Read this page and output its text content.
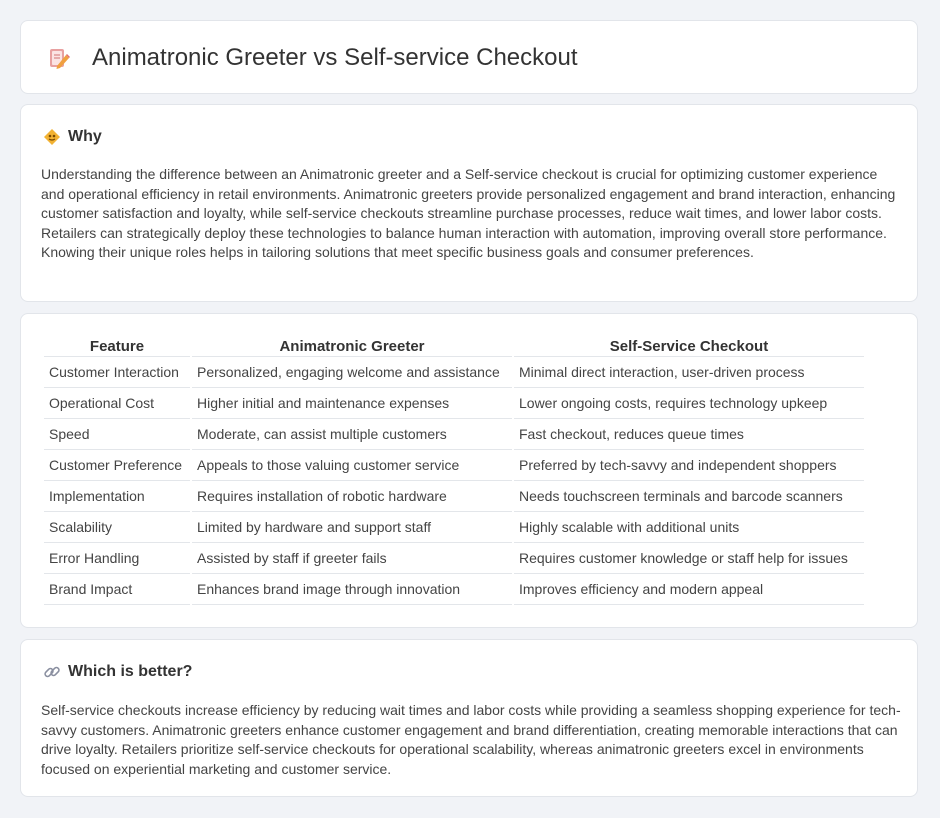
Animatronic Greeter vs Self-service Checkout
Why

Understanding the difference between an Animatronic greeter and a Self-service checkout is crucial for optimizing customer experience and operational efficiency in retail environments. Animatronic greeters provide personalized engagement and brand interaction, enhancing customer satisfaction and loyalty, while self-service checkouts streamline purchase processes, reduce wait times, and lower labor costs. Retailers can strategically deploy these technologies to balance human interaction with automation, improving overall store performance. Knowing their unique roles helps in tailoring solutions that meet specific business goals and consumer preferences.

Feature	Animatronic Greeter	Self-Service Checkout
Customer Interaction	Personalized, engaging welcome and assistance	Minimal direct interaction, user-driven process
Operational Cost	Higher initial and maintenance expenses	Lower ongoing costs, requires technology upkeep
Speed	Moderate, can assist multiple customers	Fast checkout, reduces queue times
Customer Preference	Appeals to those valuing customer service	Preferred by tech-savvy and independent shoppers
Implementation	Requires installation of robotic hardware	Needs touchscreen terminals and barcode scanners
Scalability	Limited by hardware and support staff	Highly scalable with additional units
Error Handling	Assisted by staff if greeter fails	Requires customer knowledge or staff help for issues
Brand Impact	Enhances brand image through innovation	Improves efficiency and modern appeal
Which is better?

Self-service checkouts increase efficiency by reducing wait times and labor costs while providing a seamless shopping experience for tech-savvy customers. Animatronic greeters enhance customer engagement and brand differentiation, creating memorable interactions that can drive loyalty. Retailers prioritize self-service checkouts for operational scalability, whereas animatronic greeters excel in environments focused on experiential marketing and customer service.
